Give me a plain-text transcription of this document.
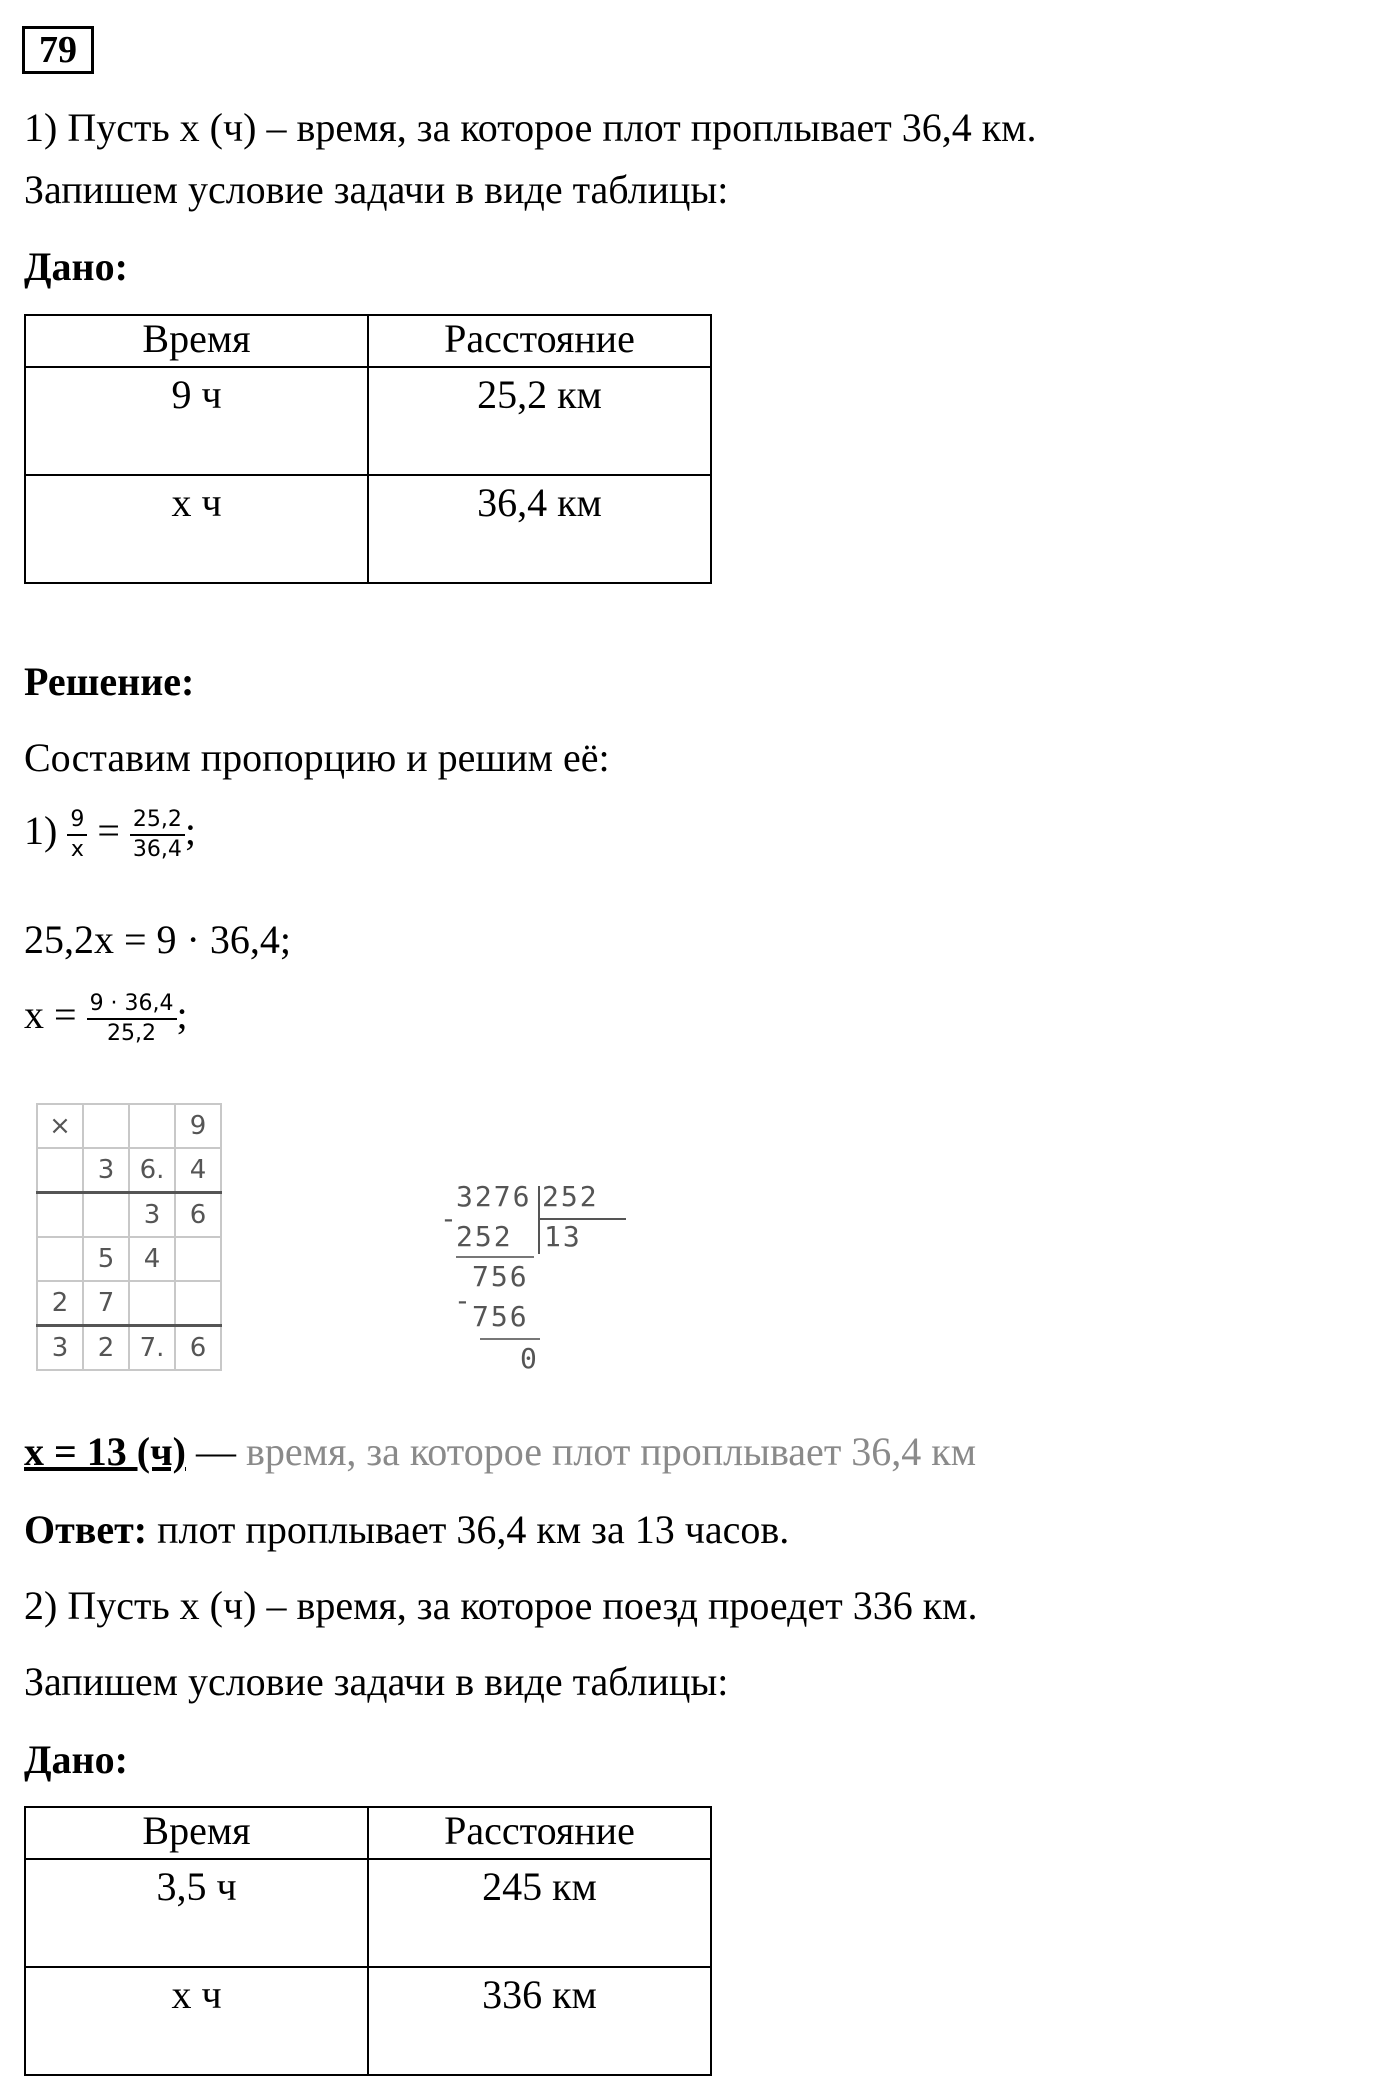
79
1) Пусть х (ч) – время, за которое плот проплывает 36,4 км.
Запишем условие задачи в виде таблицы:
Дано:
Время	Расстояние
9 ч	25,2 км
х ч	36,4 км
Решение:
Составим пропорцию и решим её:
$1) \frac{9}{x} = \frac{25,2}{36,4}$ ;
25,2х = 9 · 36,4;
$х = \frac{9 \cdot 36,4}{25,2}$ ;
×			9
	3	6.	4
		3	6
	5	4	
2	7		
3	2	7.	6
3276 252
-
252 13
756
- 756
0
х = 13 (ч) — время, за которое плот проплывает 36,4 км
Ответ: плот проплывает 36,4 км за 13 часов.
2) Пусть х (ч) – время, за которое поезд проедет 336 км.
Запишем условие задачи в виде таблицы:
Дано:
Время	Расстояние
3,5 ч	245 км
х ч	336 км
